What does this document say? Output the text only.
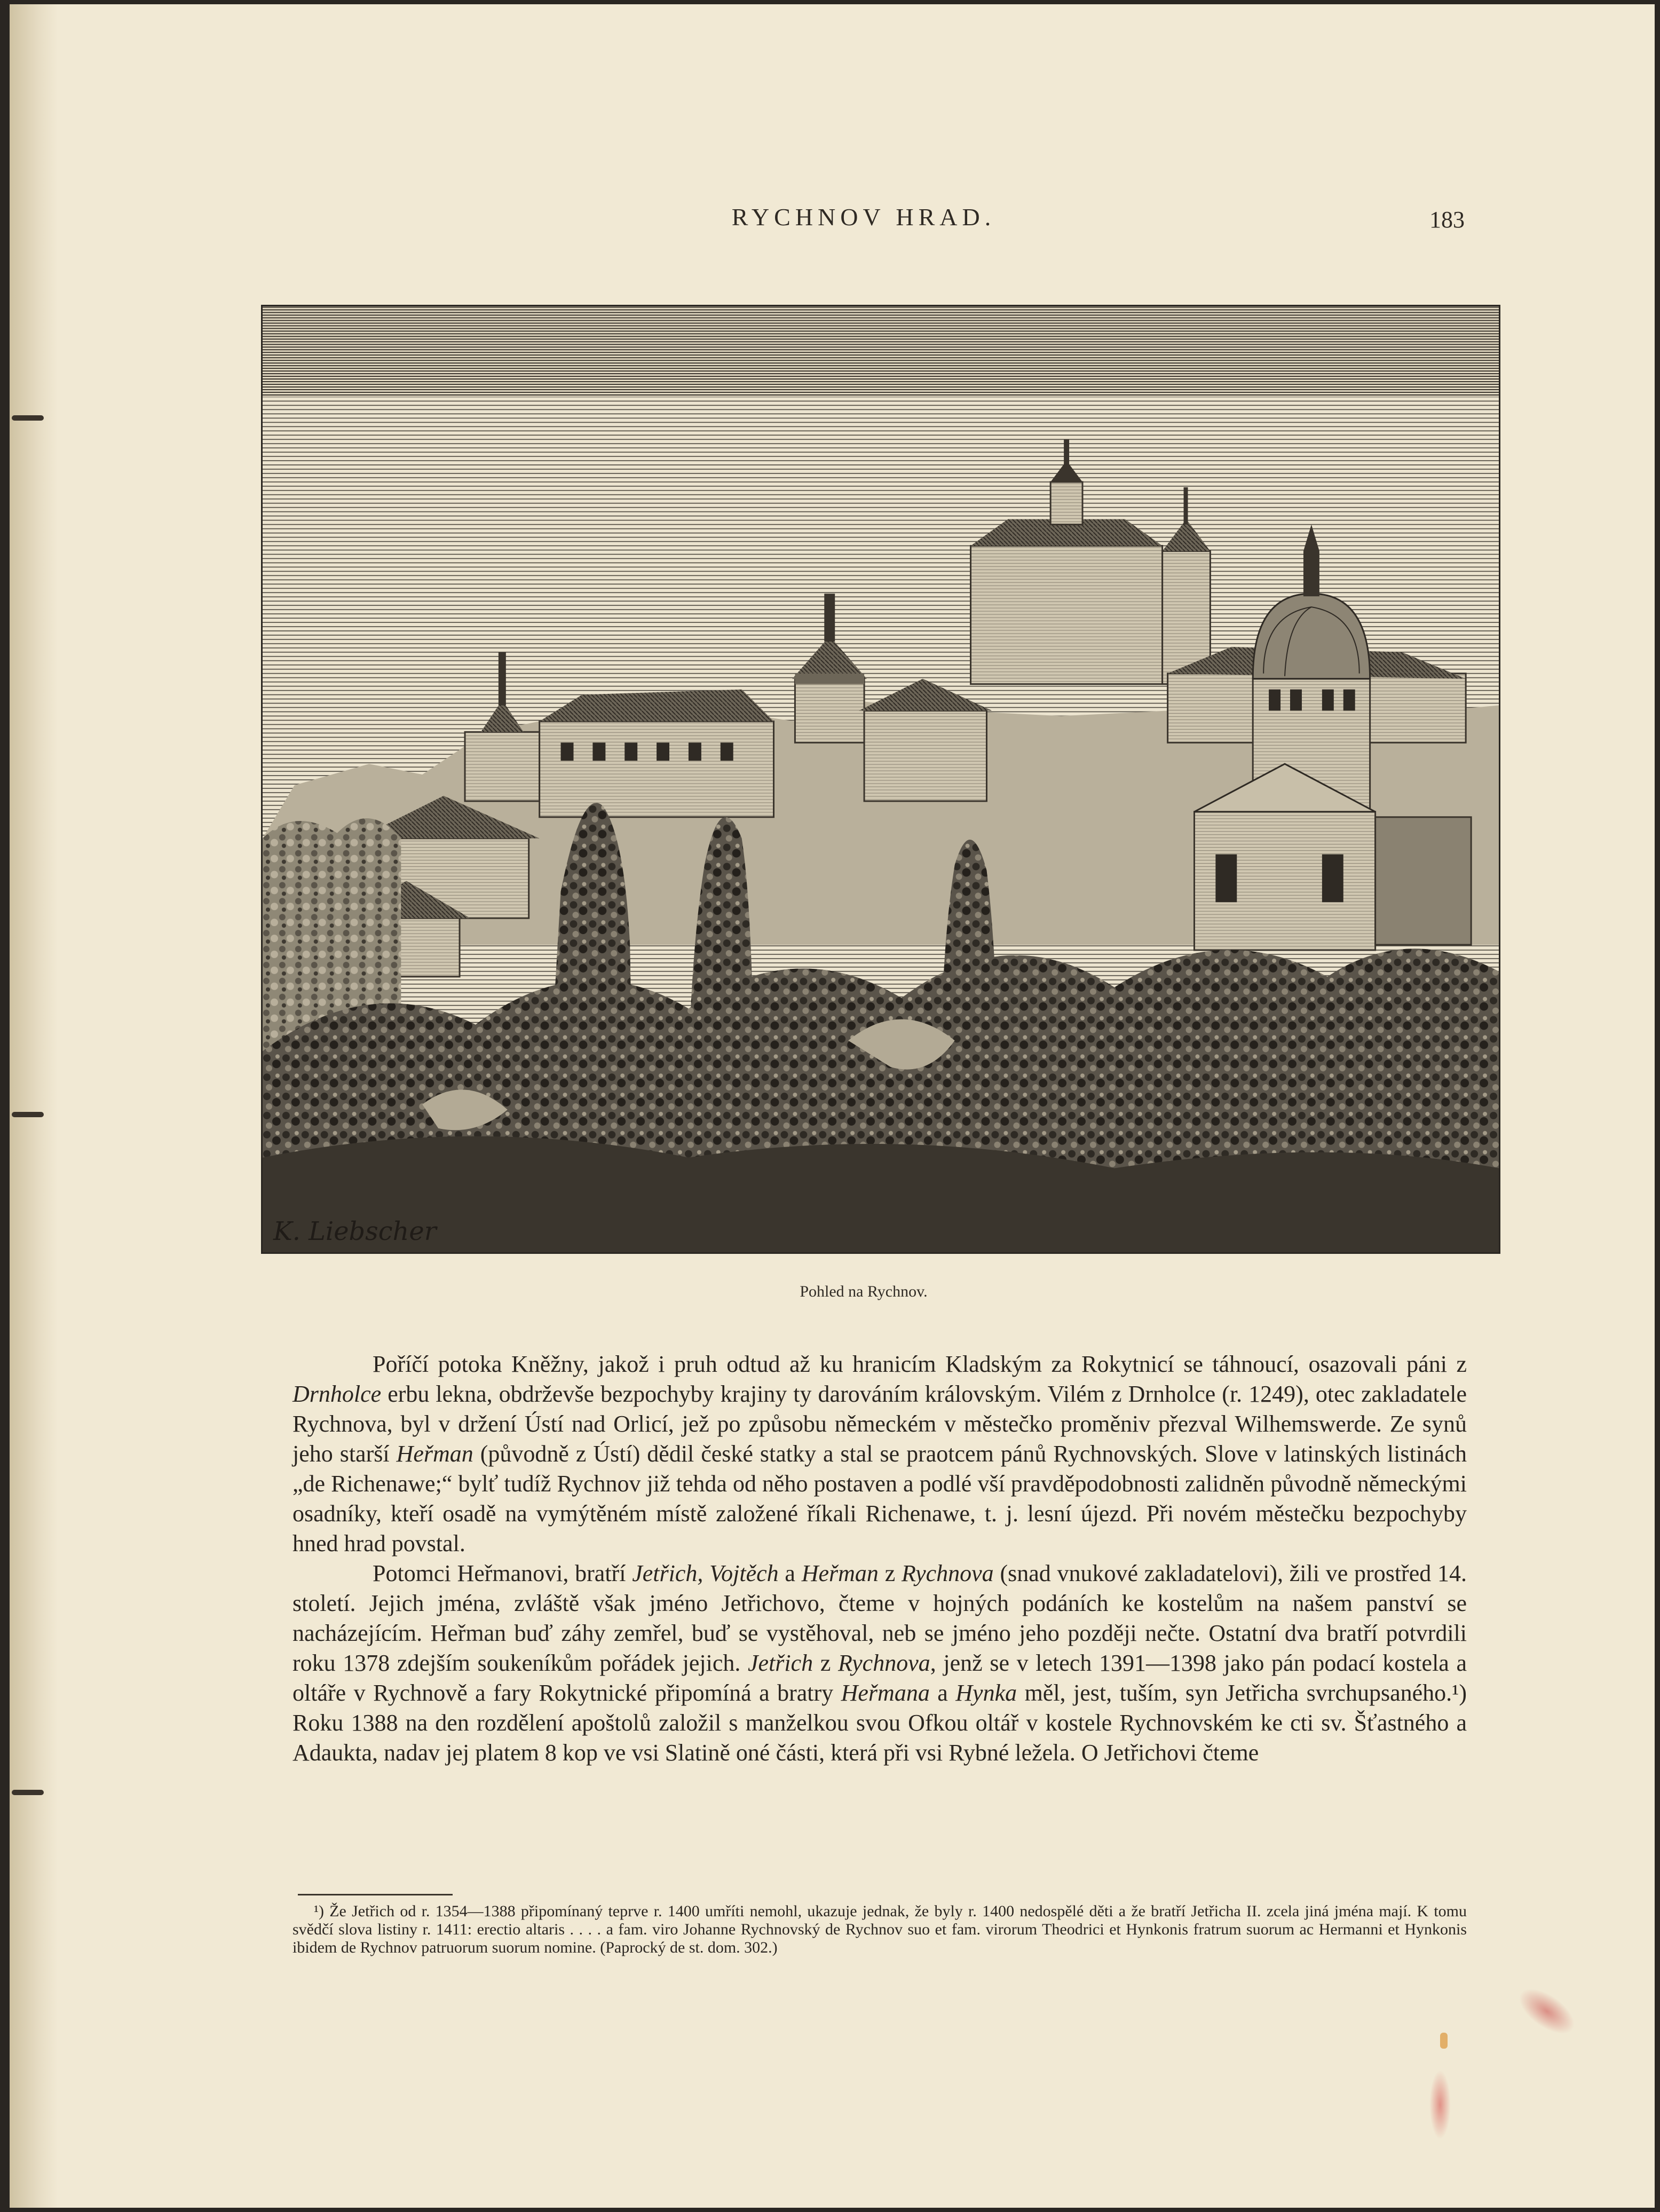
RYCHNOV HRAD.	183
K. Liebscher
Pohled na Rychnov.

Poříčí potoka Kněžny, jakož i pruh odtud až ku hranicím Kladským za Rokytnicí se táhnoucí, osazovali páni z Drnholce erbu lekna, obdrževše bezpochyby krajiny ty darováním královským. Vilém z Drnholce (r. 1249), otec zakladatele Rychnova, byl v držení Ústí nad Orlicí, jež po způsobu německém v městečko proměniv přezval Wilhemswerde. Ze synů jeho starší Heřman (původně z Ústí) dědil české statky a stal se praotcem pánů Rychnovských. Slove v latinských listinách „de Richenawe;“ bylť tudíž Rychnov již tehda od něho postaven a podlé vší pravděpodobnosti zalidněn původně německými osadníky, kteří osadě na vymýtěném místě založené říkali Richenawe, t. j. lesní újezd. Při novém městečku bezpochyby hned hrad povstal.

Potomci Heřmanovi, bratří Jetřich, Vojtěch a Heřman z Rychnova (snad vnukové zakladatelovi), žili ve prostřed 14. století. Jejich jména, zvláště však jméno Jetřichovo, čteme v hojných podáních ke kostelům na našem panství se nacházejícím. Heřman buď záhy zemřel, buď se vystěhoval, neb se jméno jeho později nečte. Ostatní dva bratří potvrdili roku 1378 zdejším soukeníkům pořádek jejich. Jetřich z Rychnova, jenž se v letech 1391—1398 jako pán podací kostela a oltáře v Rychnově a fary Rokytnické připomíná a bratry Heřmana a Hynka měl, jest, tuším, syn Jetřicha svrchupsaného.¹) Roku 1388 na den rozdělení apoštolů založil s manželkou svou Ofkou oltář v kostele Rychnovském ke cti sv. Šťastného a Adaukta, nadav jej platem 8 kop ve vsi Slatině oné části, která při vsi Rybné ležela. O Jetřichovi čteme

¹) Že Jetřich od r. 1354—1388 připomínaný teprve r. 1400 umříti nemohl, ukazuje jednak, že byly r. 1400 nedospělé děti a že bratří Jetřicha II. zcela jiná jména mají. K tomu svědčí slova listiny r. 1411: erectio altaris . . . . a fam. viro Johanne Rychnovský de Rychnov suo et fam. virorum Theodrici et Hynkonis fratrum suorum ac Hermanni et Hynkonis ibidem de Rychnov patruorum suorum nomine. (Paprocký de st. dom. 302.)
